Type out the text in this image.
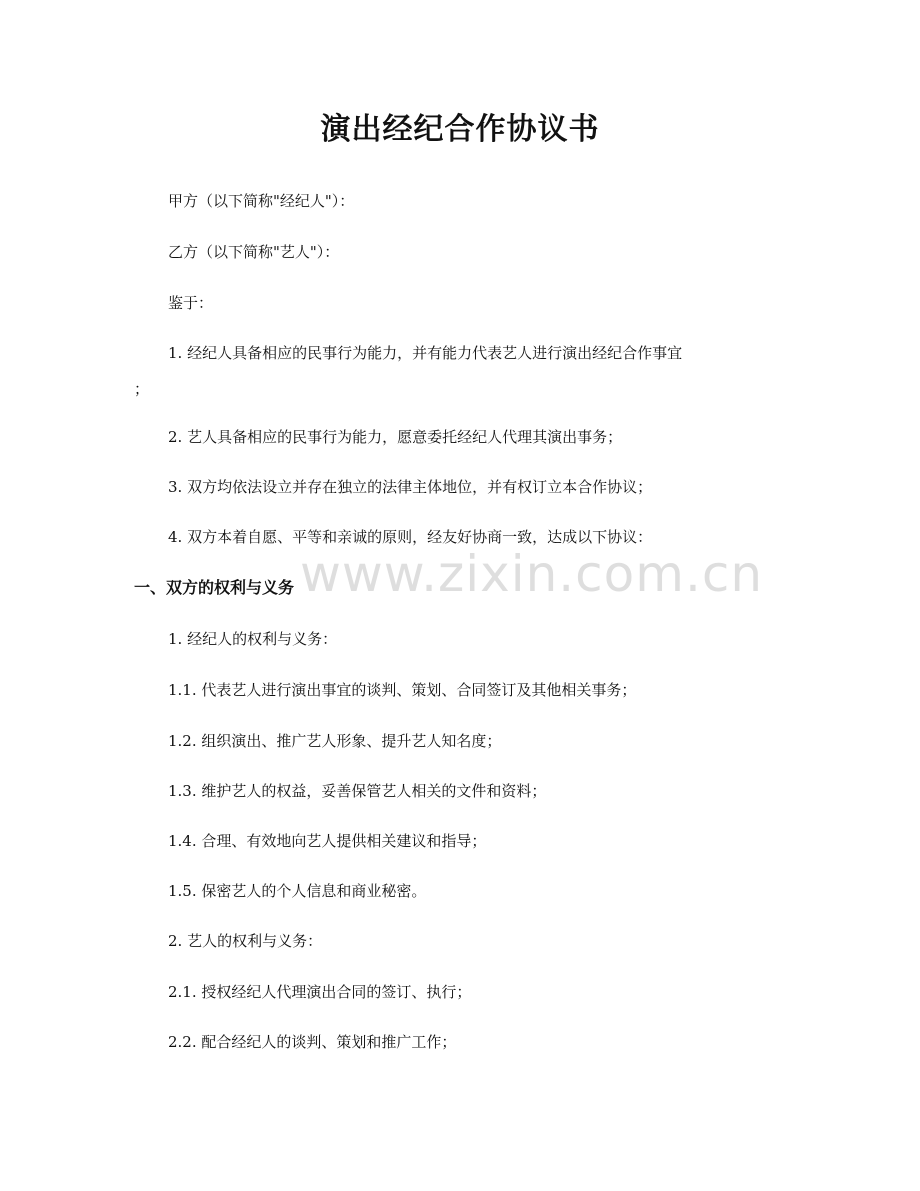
演出经纪合作协议书

甲方（以下简称"经纪人"）：

乙方（以下简称"艺人"）：

鉴于：

1. 经纪人具备相应的民事行为能力，并有能力代表艺人进行演出经纪合作事宜

；

2. 艺人具备相应的民事行为能力，愿意委托经纪人代理其演出事务；

3. 双方均依法设立并存在独立的法律主体地位，并有权订立本合作协议；

4. 双方本着自愿、平等和亲诚的原则，经友好协商一致，达成以下协议：

一、双方的权利与义务

1. 经纪人的权利与义务：

1.1. 代表艺人进行演出事宜的谈判、策划、合同签订及其他相关事务；

1.2. 组织演出、推广艺人形象、提升艺人知名度；

1.3. 维护艺人的权益，妥善保管艺人相关的文件和资料；

1.4. 合理、有效地向艺人提供相关建议和指导；

1.5. 保密艺人的个人信息和商业秘密。

2. 艺人的权利与义务：

2.1. 授权经纪人代理演出合同的签订、执行；

2.2. 配合经纪人的谈判、策划和推广工作；

www.zixin.com.cn
